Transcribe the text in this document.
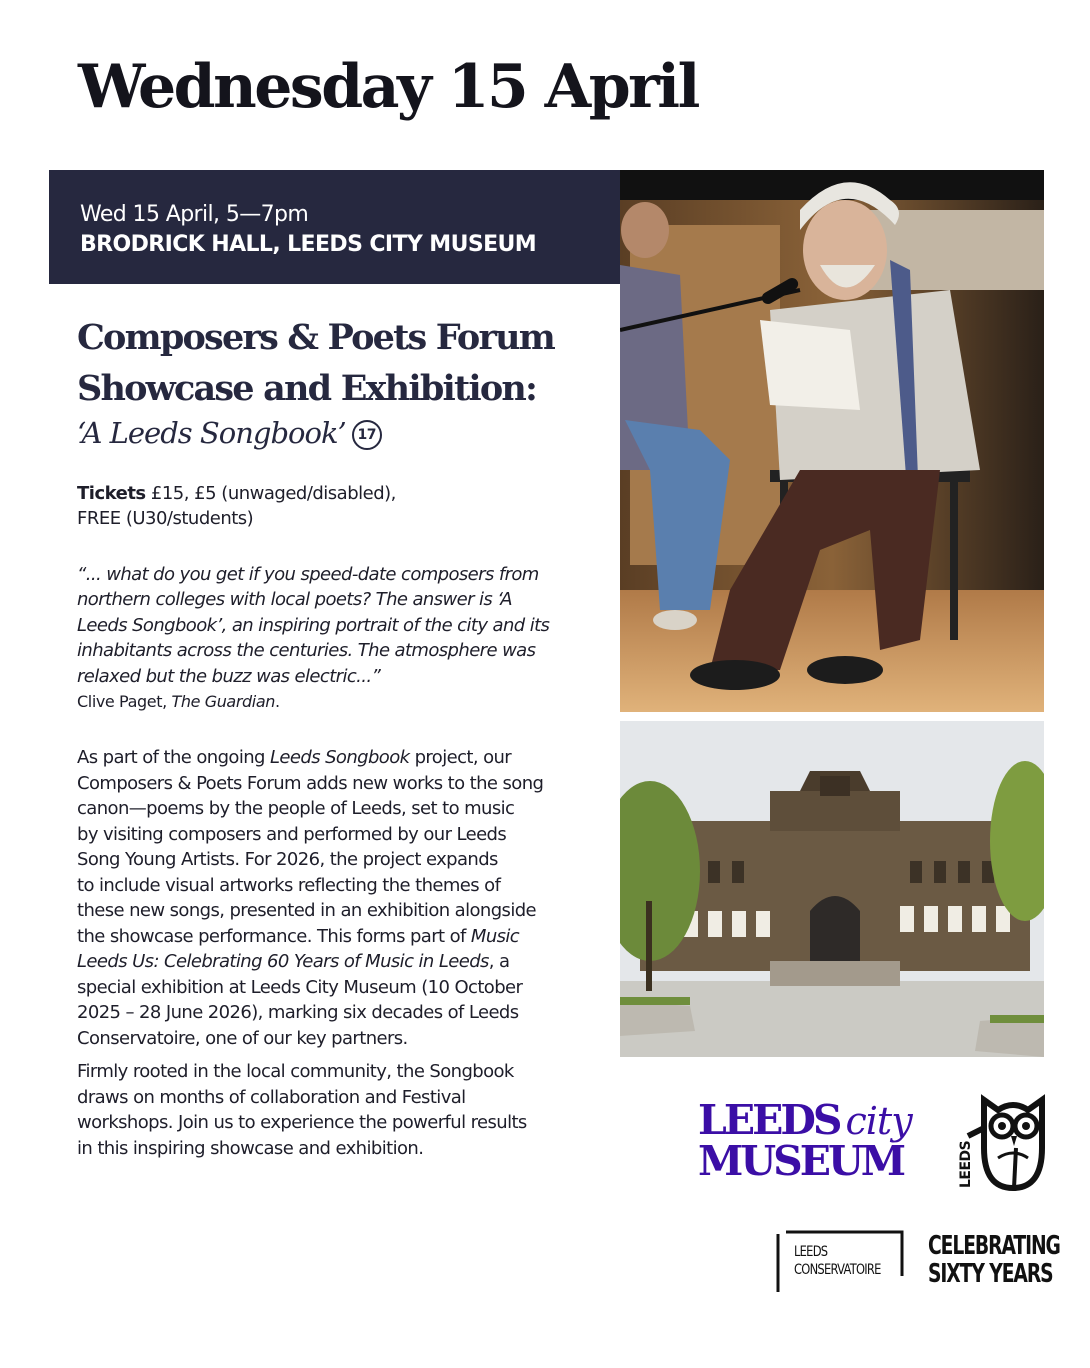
Wednesday 15 April
Wed 15 April, 5—7pm
BRODRICK HALL, LEEDS CITY MUSEUM
Composers & Poets Forum
Showcase and Exhibition:
‘A Leeds Songbook’ 17
Tickets £15, £5 (unwaged/disabled),
FREE (U30/students)
“... what do you get if you speed-date composers from
northern colleges with local poets? The answer is ‘A
Leeds Songbook’, an inspiring portrait of the city and its
inhabitants across the centuries. The atmosphere was
relaxed but the buzz was electric...”
Clive Paget, The Guardian.
As part of the ongoing Leeds Songbook project, our
Composers & Poets Forum adds new works to the song
canon—poems by the people of Leeds, set to music
by visiting composers and performed by our Leeds
Song Young Artists. For 2026, the project expands
to include visual artworks reflecting the themes of
these new songs, presented in an exhibition alongside
the showcase performance. This forms part of Music
Leeds Us: Celebrating 60 Years of Music in Leeds, a
special exhibition at Leeds City Museum (10 October
2025 – 28 June 2026), marking six decades of Leeds
Conservatoire, one of our key partners.
Firmly rooted in the local community, the Songbook
draws on months of collaboration and Festival
workshops. Join us to experience the powerful results
in this inspiring showcase and exhibition.
LEEDS city
MUSEUM	LEEDS
LEEDS
CONSERVATOIRE
CELEBRATING
SIXTY YEARS
